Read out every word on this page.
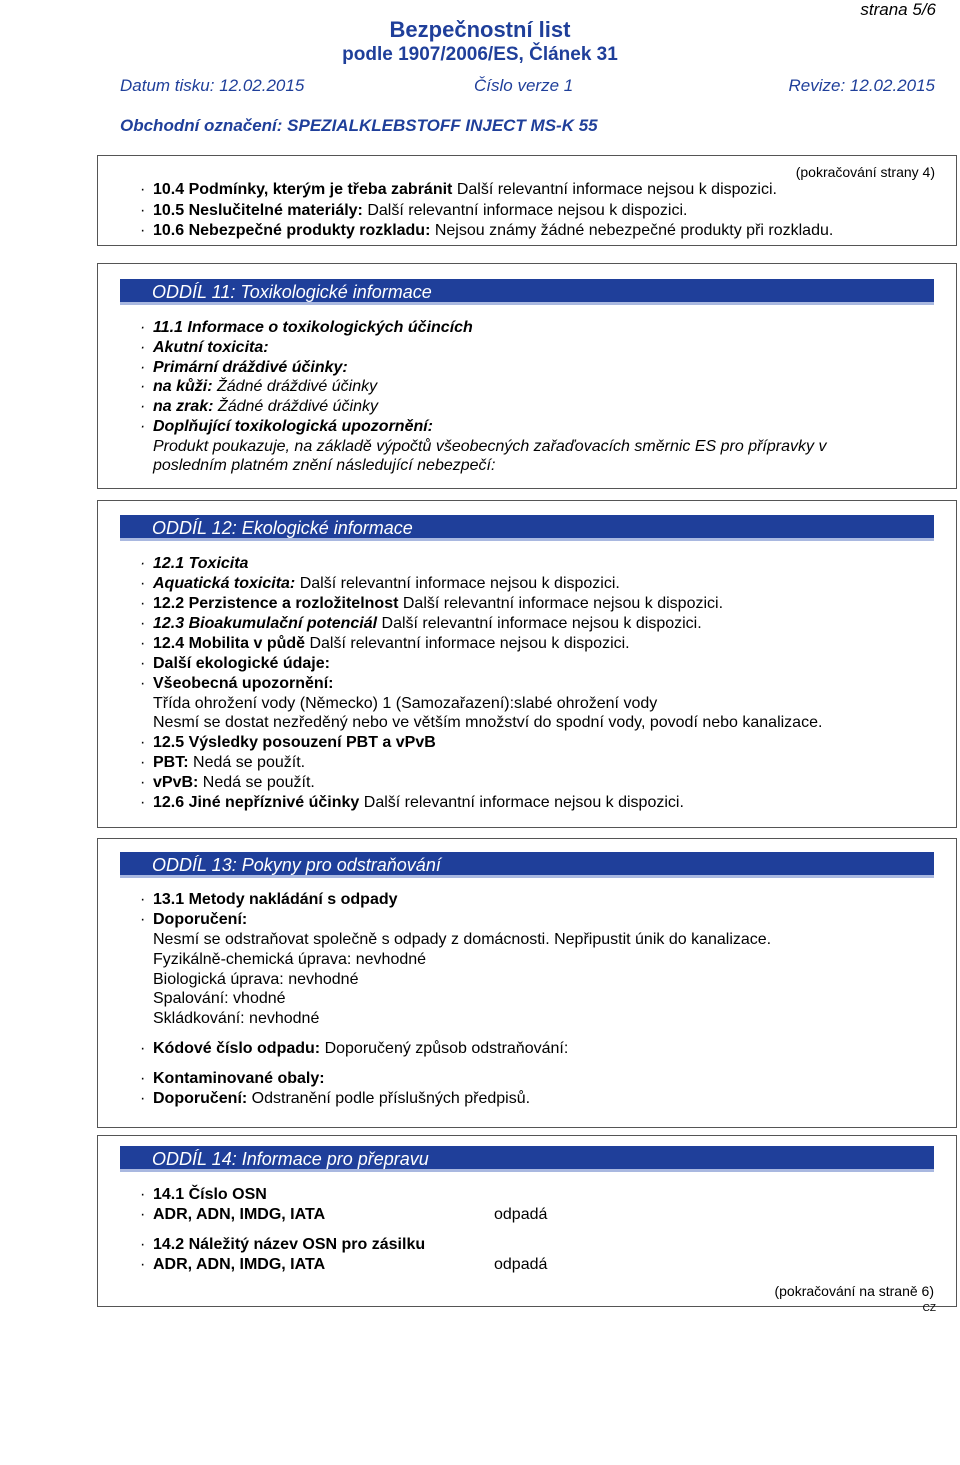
strana 5/6
Bezpečnostní list
podle 1907/2006/ES, Článek 31
Datum tisku: 12.02.2015	Číslo verze 1	Revize: 12.02.2015
Obchodní označení: SPEZIALKLEBSTOFF INJECT MS-K 55
(pokračování strany 4)
· 10.4 Podmínky, kterým je třeba zabránit Další relevantní informace nejsou k dispozici.
· 10.5 Neslučitelné materiály: Další relevantní informace nejsou k dispozici.
· 10.6 Nebezpečné produkty rozkladu: Nejsou známy žádné nebezpečné produkty při rozkladu.
ODDÍL 11: Toxikologické informace
· 11.1 Informace o toxikologických účincích
· Akutní toxicita:
· Primární dráždivé účinky:
· na kůži: Žádné dráždivé účinky
· na zrak: Žádné dráždivé účinky
· Doplňující toxikologická upozornění:
Produkt poukazuje, na základě výpočtů všeobecných zařaďovacích směrnic ES pro přípravky v
posledním platném znění následující nebezpečí:
ODDÍL 12: Ekologické informace
· 12.1 Toxicita
· Aquatická toxicita: Další relevantní informace nejsou k dispozici.
· 12.2 Perzistence a rozložitelnost Další relevantní informace nejsou k dispozici.
· 12.3 Bioakumulační potenciál Další relevantní informace nejsou k dispozici.
· 12.4 Mobilita v půdě Další relevantní informace nejsou k dispozici.
· Další ekologické údaje:
· Všeobecná upozornění:
Třída ohrožení vody (Německo) 1 (Samozařazení):slabé ohrožení vody
Nesmí se dostat nezředěný nebo ve větším množství do spodní vody, povodí nebo kanalizace.
· 12.5 Výsledky posouzení PBT a vPvB
· PBT: Nedá se použít.
· vPvB: Nedá se použít.
· 12.6 Jiné nepříznivé účinky Další relevantní informace nejsou k dispozici.
ODDÍL 13: Pokyny pro odstraňování
· 13.1 Metody nakládání s odpady
· Doporučení:
Nesmí se odstraňovat společně s odpady z domácnosti. Nepřipustit únik do kanalizace.
Fyzikálně-chemická úprava: nevhodné
Biologická úprava: nevhodné
Spalování: vhodné
Skládkování: nevhodné
· Kódové číslo odpadu: Doporučený způsob odstraňování:
· Kontaminované obaly:
· Doporučení: Odstranění podle příslušných předpisů.
ODDÍL 14: Informace pro přepravu
· 14.1 Číslo OSN
· ADR, ADN, IMDG, IATA	odpadá
· 14.2 Náležitý název OSN pro zásilku
· ADR, ADN, IMDG, IATA	odpadá
(pokračování na straně 6)
CZ
